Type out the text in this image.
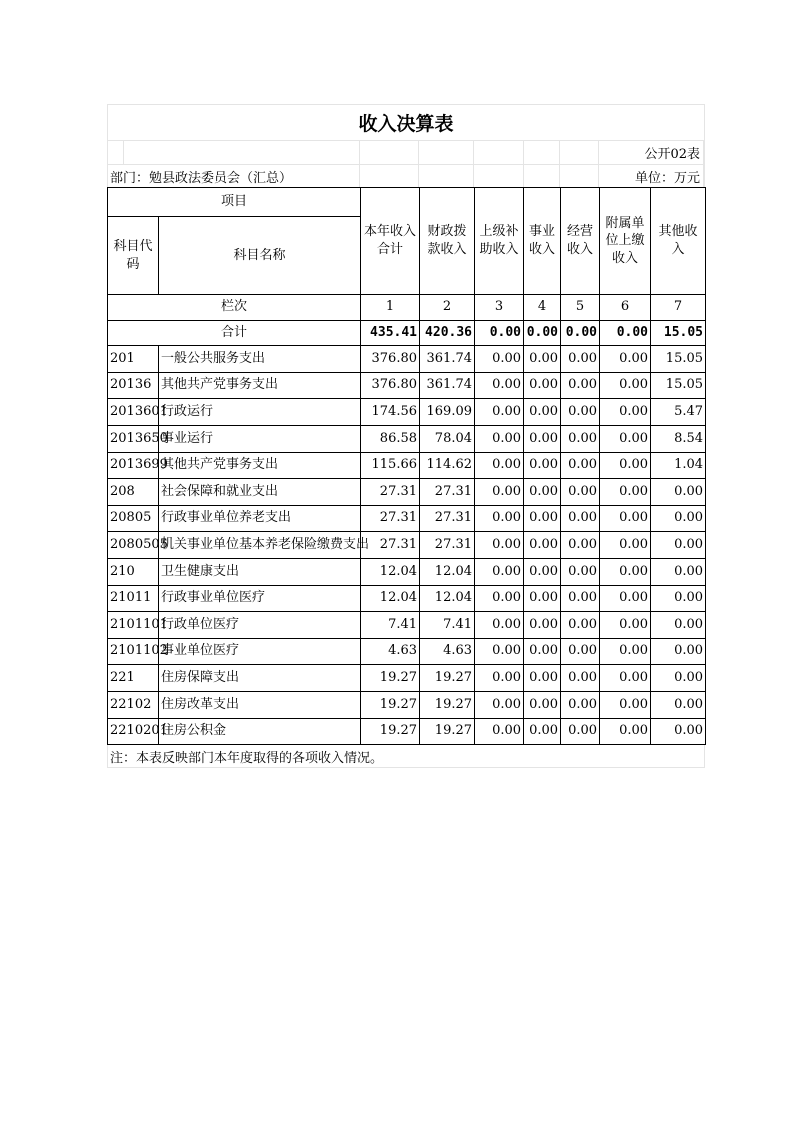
收入决算表
公开02表
部门：勉县政法委员会（汇总）	单位：万元
项目		本年收入合计	财政拨款收入	上级补助收入	事业收入	经营收入	附属单位上缴收入	其他收入
科目代码	科目名称							
栏次		1	2	3	4	5	6	7
合计		435.41	420.36	0.00	0.00	0.00	0.00	15.05
201	一般公共服务支出	376.80	361.74	0.00	0.00	0.00	0.00	15.05
20136	其他共产党事务支出	376.80	361.74	0.00	0.00	0.00	0.00	15.05
2013601	行政运行	174.56	169.09	0.00	0.00	0.00	0.00	5.47
2013650	事业运行	86.58	78.04	0.00	0.00	0.00	0.00	8.54
2013699	其他共产党事务支出	115.66	114.62	0.00	0.00	0.00	0.00	1.04
208	社会保障和就业支出	27.31	27.31	0.00	0.00	0.00	0.00	0.00
20805	行政事业单位养老支出	27.31	27.31	0.00	0.00	0.00	0.00	0.00
2080505	机关事业单位基本养老保险缴费支出	27.31	27.31	0.00	0.00	0.00	0.00	0.00
210	卫生健康支出	12.04	12.04	0.00	0.00	0.00	0.00	0.00
21011	行政事业单位医疗	12.04	12.04	0.00	0.00	0.00	0.00	0.00
2101101	行政单位医疗	7.41	7.41	0.00	0.00	0.00	0.00	0.00
2101102	事业单位医疗	4.63	4.63	0.00	0.00	0.00	0.00	0.00
221	住房保障支出	19.27	19.27	0.00	0.00	0.00	0.00	0.00
22102	住房改革支出	19.27	19.27	0.00	0.00	0.00	0.00	0.00
2210201	住房公积金	19.27	19.27	0.00	0.00	0.00	0.00	0.00
注：本表反映部门本年度取得的各项收入情况。
